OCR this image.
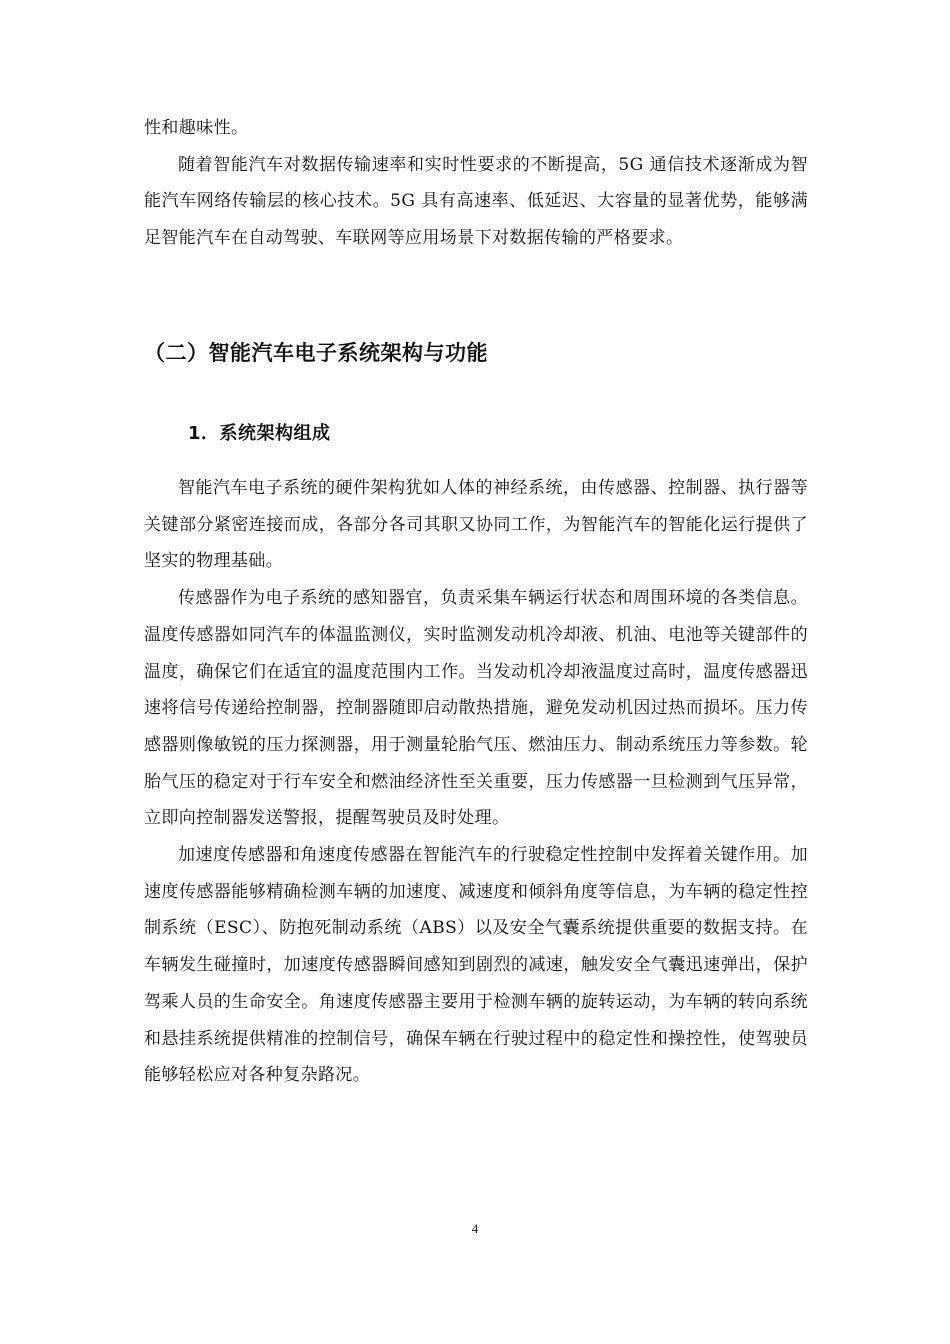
性和趣味性。

随着智能汽车对数据传输速率和实时性要求的不断提高，5G 通信技术逐渐成为智能汽车网络传输层的核心技术。5G 具有高速率、低延迟、大容量的显著优势，能够满足智能汽车在自动驾驶、车联网等应用场景下对数据传输的严格要求。

（二）智能汽车电子系统架构与功能
1．系统架构组成

智能汽车电子系统的硬件架构犹如人体的神经系统，由传感器、控制器、执行器等关键部分紧密连接而成，各部分各司其职又协同工作，为智能汽车的智能化运行提供了坚实的物理基础。

传感器作为电子系统的感知器官，负责采集车辆运行状态和周围环境的各类信息。温度传感器如同汽车的体温监测仪，实时监测发动机冷却液、机油、电池等关键部件的温度，确保它们在适宜的温度范围内工作。当发动机冷却液温度过高时，温度传感器迅速将信号传递给控制器，控制器随即启动散热措施，避免发动机因过热而损坏。压力传感器则像敏锐的压力探测器，用于测量轮胎气压、燃油压力、制动系统压力等参数。轮胎气压的稳定对于行车安全和燃油经济性至关重要，压力传感器一旦检测到气压异常，立即向控制器发送警报，提醒驾驶员及时处理。

加速度传感器和角速度传感器在智能汽车的行驶稳定性控制中发挥着关键作用。加速度传感器能够精确检测车辆的加速度、减速度和倾斜角度等信息，为车辆的稳定性控制系统（ESC）、防抱死制动系统（ABS）以及安全气囊系统提供重要的数据支持。在车辆发生碰撞时，加速度传感器瞬间感知到剧烈的减速，触发安全气囊迅速弹出，保护驾乘人员的生命安全。角速度传感器主要用于检测车辆的旋转运动，为车辆的转向系统和悬挂系统提供精准的控制信号，确保车辆在行驶过程中的稳定性和操控性，使驾驶员能够轻松应对各种复杂路况。

4
